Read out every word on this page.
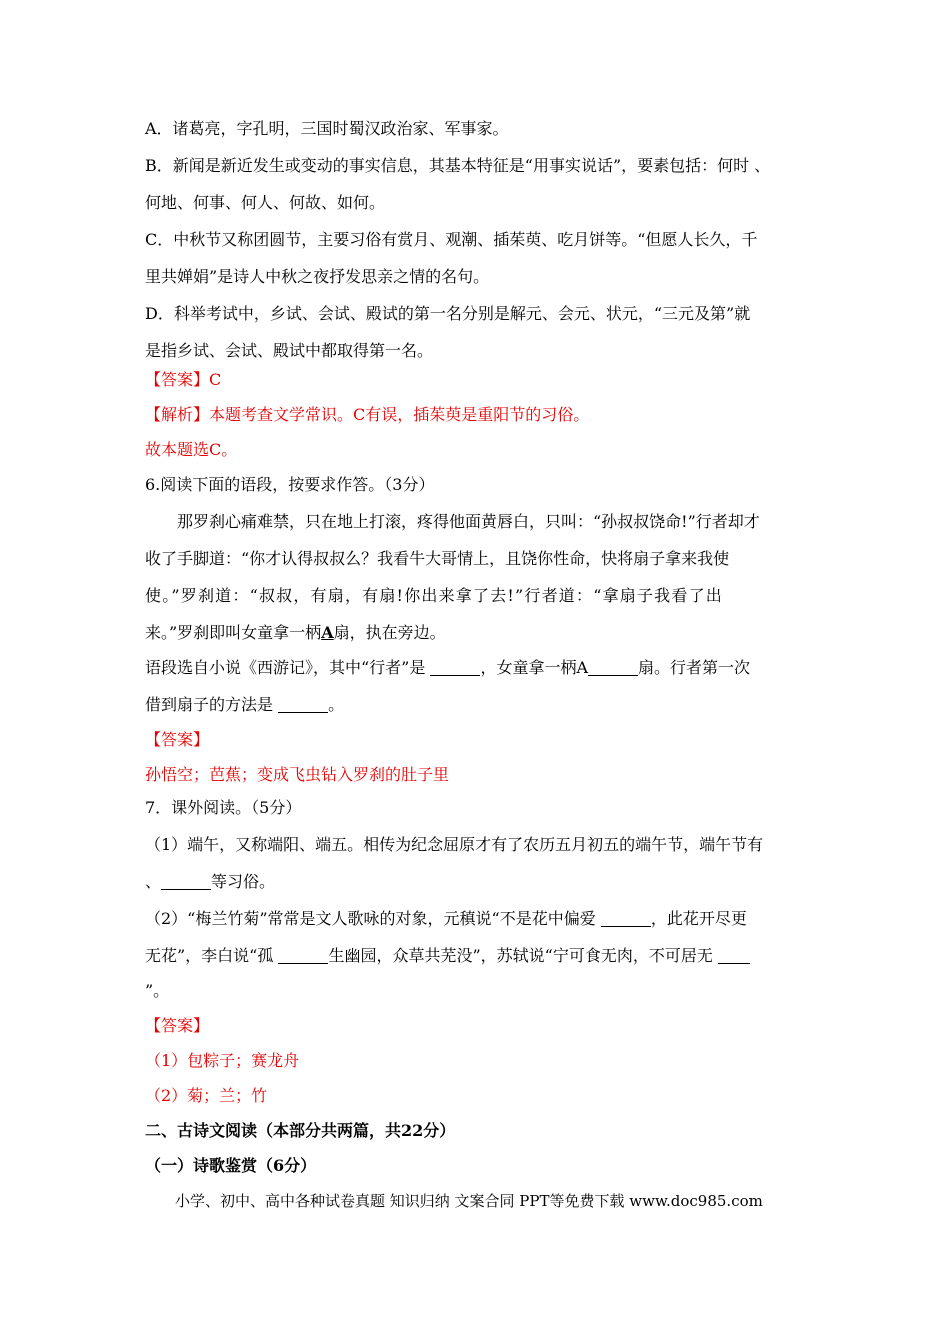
A．诸葛亮，字孔明，三国时蜀汉政治家、军事家。
B．新闻是新近发生或变动的事实信息，其基本特征是“用事实说话”，要素包括：何时 、
何地、何事、何人、何故、如何。
C．中秋节又称团圆节，主要习俗有赏月、观潮、插茱萸、吃月饼等。“但愿人长久，千
里共婵娟”是诗人中秋之夜抒发思亲之情的名句。
D．科举考试中，乡试、会试、殿试的第一名分别是解元、会元、状元，“三元及第”就
是指乡试、会试、殿试中都取得第一名。
【答案】C
【解析】本题考查文学常识。C有误，插茱萸是重阳节的习俗。
故本题选C。
6.阅读下面的语段，按要求作答。（3分）
那罗刹心痛难禁，只在地上打滚，疼得他面黄唇白，只叫：“孙叔叔饶命!”行者却才
收了手脚道：“你才认得叔叔么？我看牛大哥情上，且饶你性命，快将扇子拿来我使
使。”罗刹道：“叔叔，有扇，有扇!你出来拿了去!”行者道：“拿扇子我看了出
来。”罗刹即叫女童拿一柄A扇，执在旁边。
语段选自小说《西游记》，其中“行者”是	，女童拿一柄A	扇。行者第一次
借到扇子的方法是	。
【答案】
孙悟空；芭蕉；变成飞虫钻入罗刹的肚子里
7．课外阅读。（5分）
（1）端午，又称端阳、端五。相传为纪念屈原才有了农历五月初五的端午节，端午节有
、	等习俗。
（2）“梅兰竹菊”常常是文人歌咏的对象，元稹说“不是花中偏爱	，此花开尽更
无花”，李白说“孤	生幽园，众草共芜没”，苏轼说“宁可食无肉，不可居无
”。
【答案】
（1）包粽子；赛龙舟
（2）菊；兰；竹
二、古诗文阅读（本部分共两篇，共22分）
（一）诗歌鉴赏（6分）
小学、初中、高中各种试卷真题 知识归纳 文案合同 PPT等免费下载 www.doc985.com
